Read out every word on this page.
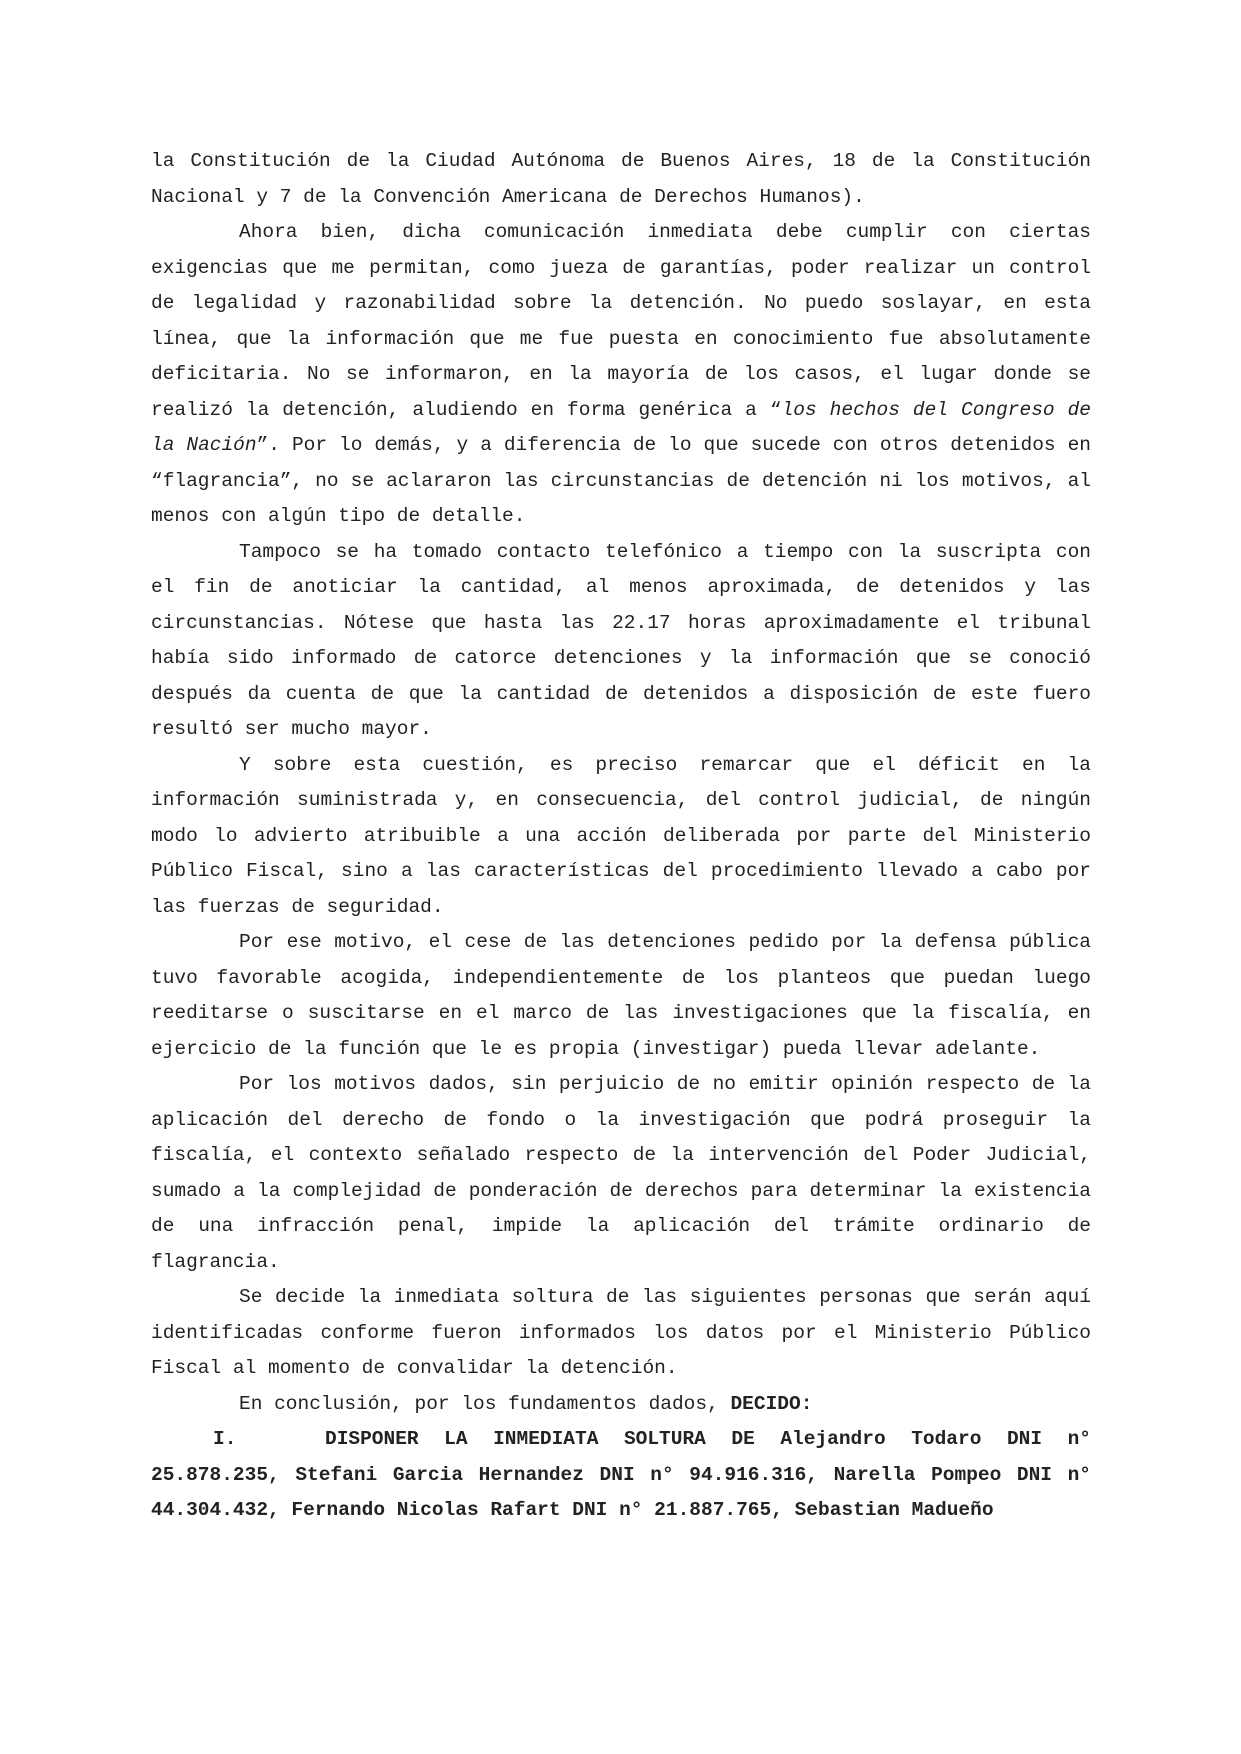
la Constitución de la Ciudad Autónoma de Buenos Aires, 18 de la Constitución Nacional y 7 de la Convención Americana de Derechos Humanos).

Ahora bien, dicha comunicación inmediata debe cumplir con ciertas exigencias que me permitan, como jueza de garantías, poder realizar un control de legalidad y razonabilidad sobre la detención. No puedo soslayar, en esta línea, que la información que me fue puesta en conocimiento fue absolutamente deficitaria. No se informaron, en la mayoría de los casos, el lugar donde se realizó la detención, aludiendo en forma genérica a “los hechos del Congreso de la Nación”. Por lo demás, y a diferencia de lo que sucede con otros detenidos en “flagrancia”, no se aclararon las circunstancias de detención ni los motivos, al menos con algún tipo de detalle.

Tampoco se ha tomado contacto telefónico a tiempo con la suscripta con el fin de anoticiar la cantidad, al menos aproximada, de detenidos y las circunstancias. Nótese que hasta las 22.17 horas aproximadamente el tribunal había sido informado de catorce detenciones y la información que se conoció después da cuenta de que la cantidad de detenidos a disposición de este fuero resultó ser mucho mayor.

Y sobre esta cuestión, es preciso remarcar que el déficit en la información suministrada y, en consecuencia, del control judicial, de ningún modo lo advierto atribuible a una acción deliberada por parte del Ministerio Público Fiscal, sino a las características del procedimiento llevado a cabo por las fuerzas de seguridad.

Por ese motivo, el cese de las detenciones pedido por la defensa pública tuvo favorable acogida, independientemente de los planteos que puedan luego reeditarse o suscitarse en el marco de las investigaciones que la fiscalía, en ejercicio de la función que le es propia (investigar) pueda llevar adelante.

Por los motivos dados, sin perjuicio de no emitir opinión respecto de la aplicación del derecho de fondo o la investigación que podrá proseguir la fiscalía, el contexto señalado respecto de la intervención del Poder Judicial, sumado a la complejidad de ponderación de derechos para determinar la existencia de una infracción penal, impide la aplicación del trámite ordinario de flagrancia.

Se decide la inmediata soltura de las siguientes personas que serán aquí identificadas conforme fueron informados los datos por el Ministerio Público Fiscal al momento de convalidar la detención.

En conclusión, por los fundamentos dados, DECIDO:

I.	DISPONER LA INMEDIATA SOLTURA DE Alejandro Todaro DNI n° 25.878.235, Stefani Garcia Hernandez DNI n° 94.916.316, Narella Pompeo DNI n° 44.304.432, Fernando Nicolas Rafart DNI n° 21.887.765, Sebastian Madueño
